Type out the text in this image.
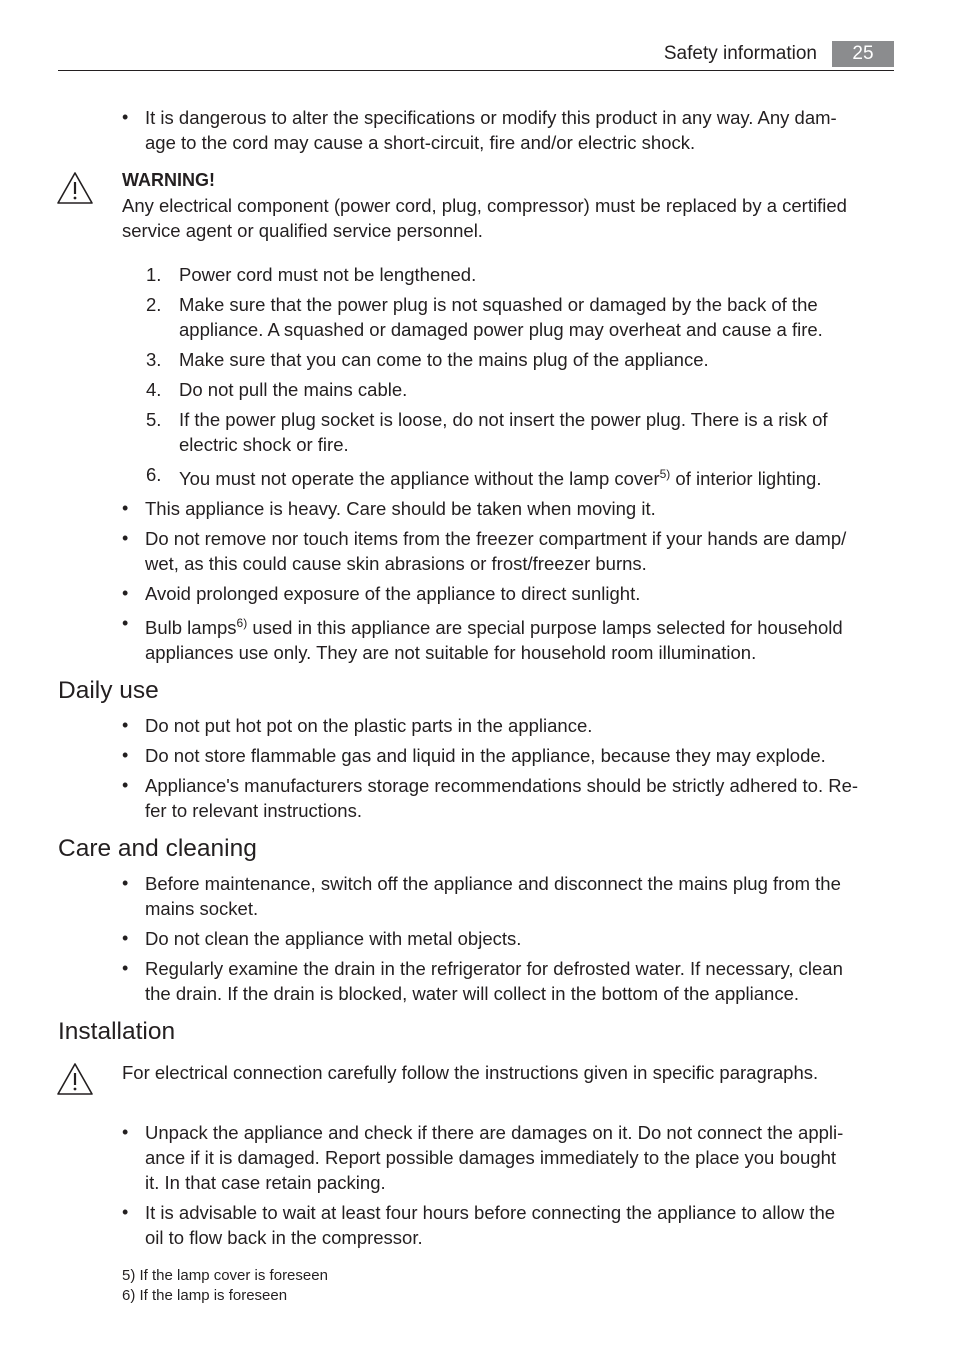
Safety information	25
• It is dangerous to alter the specifications or modify this product in any way. Any dam-
age to the cord may cause a short-circuit, fire and/or electric shock.
WARNING!
Any electrical component (power cord, plug, compressor) must be replaced by a certified
service agent or qualified service personnel.
1. Power cord must not be lengthened.
2. Make sure that the power plug is not squashed or damaged by the back of the
appliance. A squashed or damaged power plug may overheat and cause a fire.
3. Make sure that you can come to the mains plug of the appliance.
4. Do not pull the mains cable.
5. If the power plug socket is loose, do not insert the power plug. There is a risk of
electric shock or fire.
6. You must not operate the appliance without the lamp cover$^{5)}$ of interior lighting.
• This appliance is heavy. Care should be taken when moving it.
• Do not remove nor touch items from the freezer compartment if your hands are damp/
wet, as this could cause skin abrasions or frost/freezer burns.
• Avoid prolonged exposure of the appliance to direct sunlight.
• Bulb lamps$^{6)}$ used in this appliance are special purpose lamps selected for household
appliances use only. They are not suitable for household room illumination.
Daily use
• Do not put hot pot on the plastic parts in the appliance.
• Do not store flammable gas and liquid in the appliance, because they may explode.
• Appliance's manufacturers storage recommendations should be strictly adhered to. Re-
fer to relevant instructions.
Care and cleaning
• Before maintenance, switch off the appliance and disconnect the mains plug from the
mains socket.
• Do not clean the appliance with metal objects.
• Regularly examine the drain in the refrigerator for defrosted water. If necessary, clean
the drain. If the drain is blocked, water will collect in the bottom of the appliance.
Installation
For electrical connection carefully follow the instructions given in specific paragraphs.
• Unpack the appliance and check if there are damages on it. Do not connect the appli-
ance if it is damaged. Report possible damages immediately to the place you bought
it. In that case retain packing.
• It is advisable to wait at least four hours before connecting the appliance to allow the
oil to flow back in the compressor.
5) If the lamp cover is foreseen
6) If the lamp is foreseen
